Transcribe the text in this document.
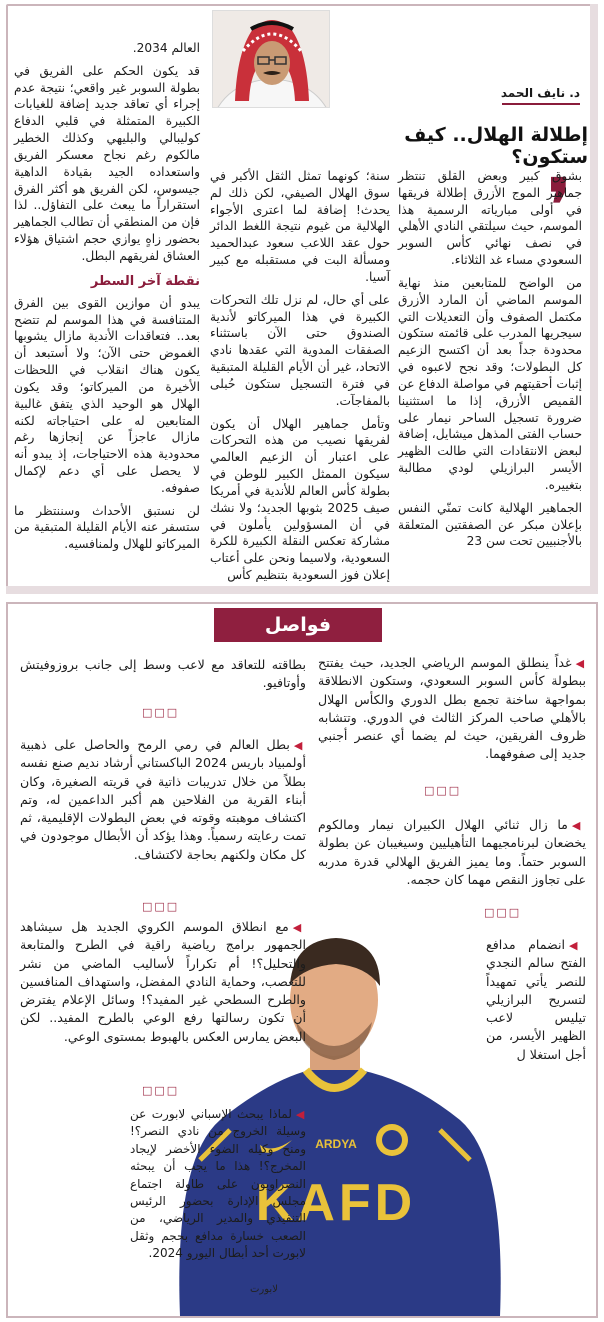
د. نايف الحمد
إطلالة الهلال.. كيف ستكون؟
❜

بشوق كبير وبعض القلق تنتظر جماهير الموج الأزرق إطلالة فريقها في أولى مبارياته الرسمية هذا الموسم، حيث سيلتقي النادي الأهلي في نصف نهائي كأس السوبر السعودي مساء غد الثلاثاء.

من الواضح للمتابعين منذ نهاية الموسم الماضي أن المارد الأزرق مكتمل الصفوف وأن التعديلات التي سيجريها المدرب على قائمته ستكون محدودة جداً بعد أن اكتسح الزعيم كل البطولات؛ وقد نجح لاعبوه في إثبات أحقيتهم في مواصلة الدفاع عن القميص الأزرق، إذا ما استثنينا ضرورة تسجيل الساحر نيمار على حساب الفتى المذهل ميشايل، إضافة لبعض الانتقادات التي طالت الظهير الأيسر البرازيلي لودي مطالبة بتغييره.

الجماهير الهلالية كانت تمنّي النفس بإعلان مبكر عن الصفقتين المتعلقة بالأجنبيين تحت سن 23

سنة؛ كونهما تمثل الثقل الأكبر في سوق الهلال الصيفي، لكن ذلك لم يحدث! إضافة لما اعترى الأجواء الهلالية من غيوم نتيجة اللغط الدائر حول عقد اللاعب سعود عبدالحميد ومسألة البت في مستقبله مع كبير آسيا.

على أي حال، لم نزل تلك التحركات الكبيرة في هذا الميركاتو لأندية الصندوق حتى الآن باستثناء الصفقات المدوية التي عقدها نادي الاتحاد، غير أن الأيام القليلة المتبقية في فترة التسجيل ستكون حُبلى بالمفاجآت.

وتأمل جماهير الهلال أن يكون لفريقها نصيب من هذه التحركات على اعتبار أن الزعيم العالمي سيكون الممثل الكبير للوطن في بطولة كأس العالم للأندية في أمريكا صيف 2025 بثوبها الجديد؛ ولا نشك في أن المسؤولين يأملون في مشاركة تعكس النقلة الكبيرة للكرة السعودية، ولاسيما ونحن على أعتاب إعلان فوز السعودية بتنظيم كأس

العالم 2034.

قد يكون الحكم على الفريق في بطولة السوبر غير واقعي؛ نتيجة عدم إجراء أي تعاقد جديد إضافة للغيابات الكبيرة المتمثلة في قلبي الدفاع كوليبالي والبليهي وكذلك الخطير مالكوم رغم نجاح معسكر الفريق واستعداده الجيد بقيادة الداهية جيسوس، لكن الفريق هو أكثر الفرق استقراراً ما يبعث على التفاؤل.. لذا فإن من المنطقي أن تطالب الجماهير بحضور زاهٍ يوازي حجم اشتياق هؤلاء العشاق لفريقهم البطل.

نقطة آخر السطر

يبدو أن موازين القوى بين الفرق المتنافسة في هذا الموسم لم تتضح بعد.. فتعاقدات الأندية مازال يشوبها الغموض حتى الآن؛ ولا أستبعد أن يكون هناك انقلاب في اللحظات الأخيرة من الميركاتو؛ وقد يكون الهلال هو الوحيد الذي يتفق غالبية المتابعين له على احتياجاته لكنه مازال عاجزاً عن إنجازها رغم محدودية هذه الاحتياجات، إذ يبدو أنه لا يحصل على أي دعم لإكمال صفوفه.

لن نستبق الأحداث وسننتظر ما ستسفر عنه الأيام القليلة المتبقية من الميركاتو للهلال ولمنافسيه.

فواصل
◀غداً ينطلق الموسم الرياضي الجديد، حيث يفتتح ببطولة كأس السوبر السعودي، وستكون الانطلاقة بمواجهة ساخنة تجمع بطل الدوري والكأس الهلال بالأهلي صاحب المركز الثالث في الدوري. وتتشابه ظروف الفريقين، حيث لم يضما أي عنصر أجنبي جديد إلى صفوفهما.
□□□
◀ما زال ثنائي الهلال الكبيران نيمار ومالكوم يخضعان لبرنامجيهما التأهيليين وسيغيبان عن بطولة السوبر حتماً. وما يميز الفريق الهلالي قدرة مدربه على تجاوز النقص مهما كان حجمه.
□□□
◀انضمام مدافع الفتح سالم النجدي للنصر يأتي تمهيداً لتسريح البرازيلي تيليس لاعب الظهير الأيسر، من أجل استغلا ل
بطاقته للتعاقد مع لاعب وسط إلى جانب بروزوفيتش وأوتافيو.
□□□
◀بطل العالم في رمي الرمح والحاصل على ذهبية أولمبياد باريس 2024 الباكستاني أرشاد نديم صنع نفسه بطلاً من خلال تدريبات ذاتية في قريته الصغيرة، وكان أبناء القرية من الفلاحين هم أكبر الداعمين له، وتم اكتشاف موهبته وقوته في بعض البطولات الإقليمية، ثم تمت رعايته رسمياً. وهذا يؤكد أن الأبطال موجودون في كل مكان ولكنهم بحاجة لاكتشاف.
□□□
ARDYA
KAFD
◀مع انطلاق الموسم الكروي الجديد هل سيشاهد الجمهور برامج رياضية راقية في الطرح والمتابعة والتحليل؟! أم تكراراً لأساليب الماضي من نشر للتعصب، وحماية النادي المفضل، واستهداف المنافسين والطرح السطحي غير المفيد؟! وسائل الإعلام يفترض أن تكون رسالتها رفع الوعي بالطرح المفيد.. لكن البعض يمارس العكس بالهبوط بمستوى الوعي.
□□□
◀لماذا يبحث الإسباني لابورت عن وسيلة الخروج من نادي النصر؟! ومنح وكيله الضوء الأخضر لإيجاد المخرج؟! هذا ما يجب أن يبحثه النصراويون على طاولة اجتماع مجلس الإدارة بحضور الرئيس التنفيذي والمدير الرياضي، من الصعب خسارة مدافع بحجم وثقل لابورت أحد أبطال اليورو 2024.
لابورت
